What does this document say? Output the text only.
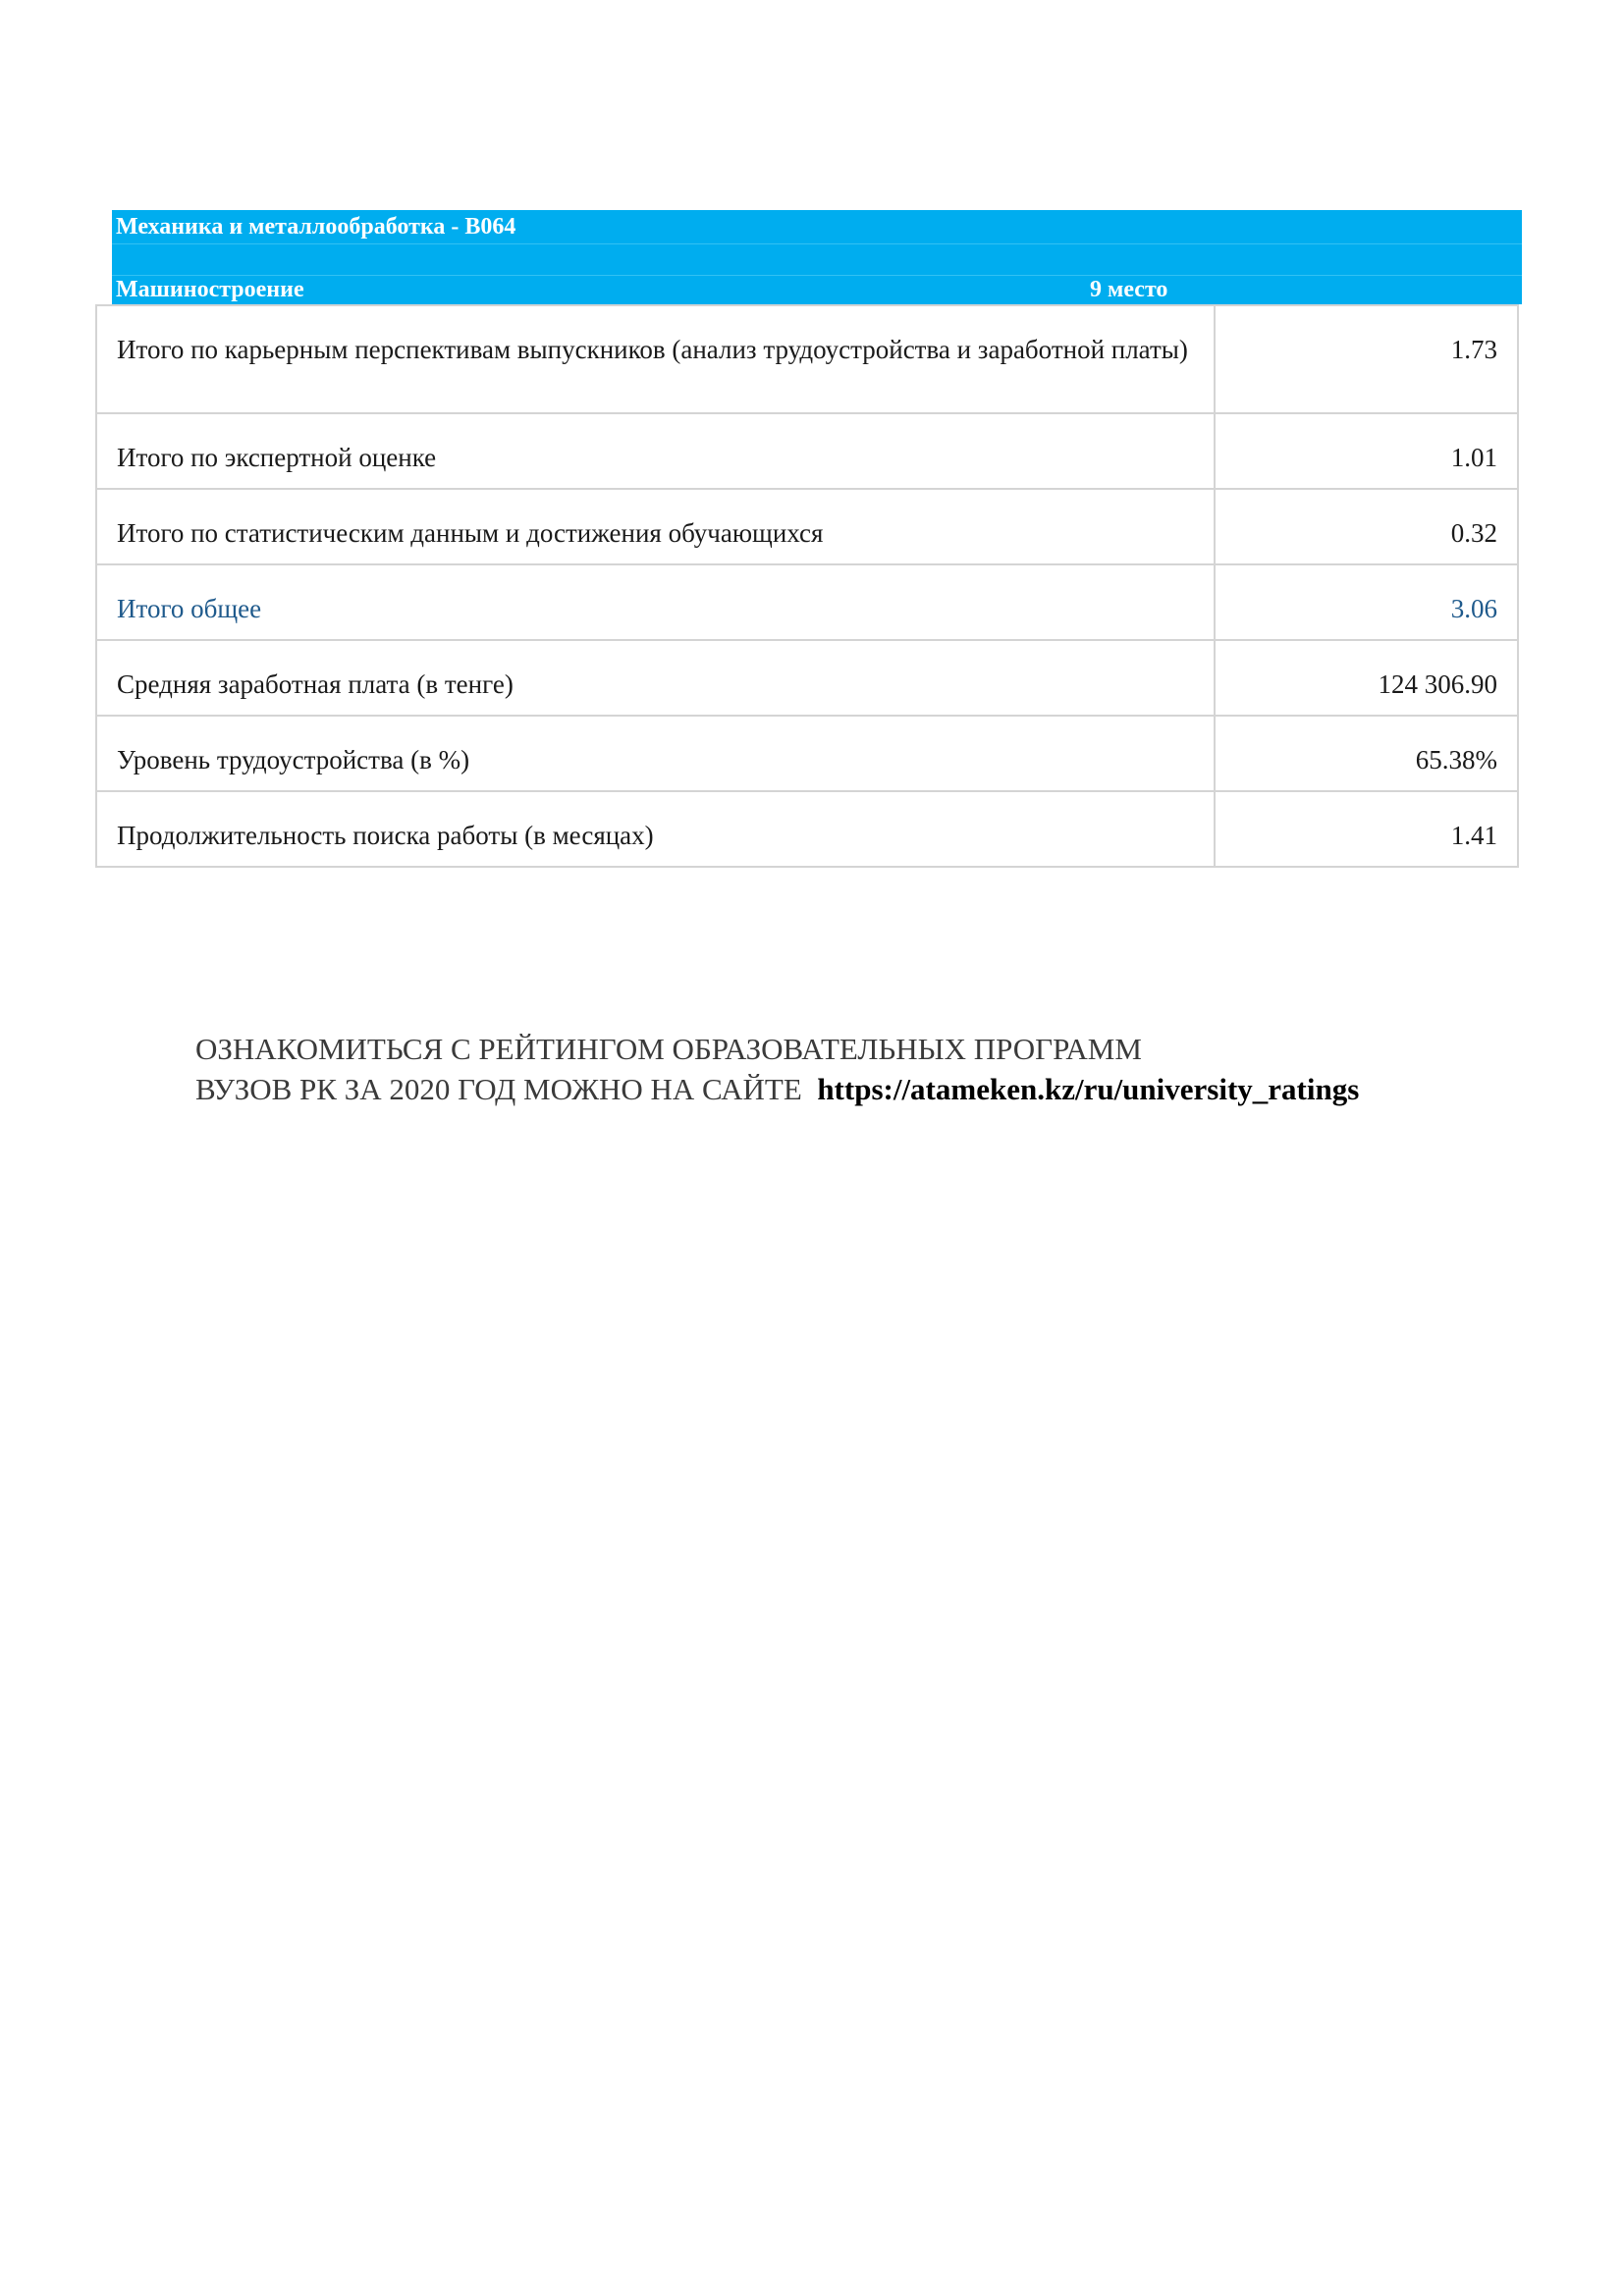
Механика и металлообработка - В064
Машиностроение	9 место
Итого по карьерным перспективам выпускников (анализ трудоустройства и заработной платы)	1.73
Итого по экспертной оценке	1.01
Итого по статистическим данным и достижения обучающихся	0.32
Итого общее	3.06
Средняя заработная плата (в тенге)	124 306.90
Уровень трудоустройства (в %)	65.38%
Продолжительность поиска работы (в месяцах)	1.41
ОЗНАКОМИТЬСЯ С РЕЙТИНГОМ ОБРАЗОВАТЕЛЬНЫХ ПРОГРАММ
ВУЗОВ РК ЗА 2020 ГОД МОЖНО НА САЙТЕ https://atameken.kz/ru/university_ratings
